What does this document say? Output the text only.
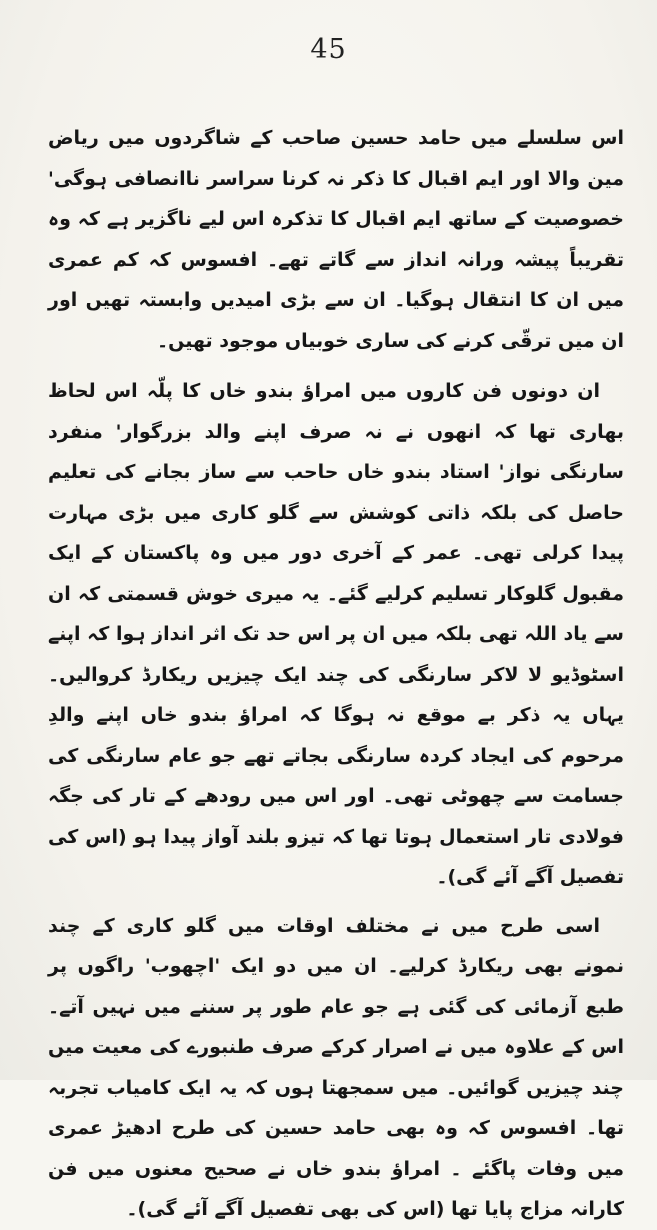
45

اس سلسلے میں حامد حسین صاحب کے شاگردوں میں ریاض مین والا اور ایم اقبال کا ذکر نہ کرنا سراسر ناانصافی ہوگی' خصوصیت کے ساتھ ایم اقبال کا تذکرہ اس لیے ناگزیر ہے کہ وہ تقریباً پیشہ ورانہ انداز سے گاتے تھے۔ افسوس کہ کم عمری میں ان کا انتقال ہوگیا۔ ان سے بڑی امیدیں وابستہ تھیں اور ان میں ترقّی کرنے کی ساری خوبیاں موجود تھیں۔

ان دونوں فن کاروں میں امراؤ بندو خاں کا پلّہ اس لحاظ بھاری تھا کہ انھوں نے نہ صرف اپنے والد بزرگوار' منفرد سارنگی نواز' استاد بندو خاں حاحب سے ساز بجانے کی تعلیم حاصل کی بلکہ ذاتی کوشش سے گلو کاری میں بڑی مہارت پیدا کرلی تھی۔ عمر کے آخری دور میں وہ پاکستان کے ایک مقبول گلوکار تسلیم کرلیے گئے۔ یہ میری خوش قسمتی کہ ان سے یاد اللہ تھی بلکہ میں ان پر اس حد تک اثر انداز ہوا کہ اپنے اسٹوڈیو لا لاکر سارنگی کی چند ایک چیزیں ریکارڈ کروالیں۔ یہاں یہ ذکر بے موقع نہ ہوگا کہ امراؤ بندو خاں اپنے والدِ مرحوم کی ایجاد کردہ سارنگی بجاتے تھے جو عام سارنگی کی جسامت سے چھوٹی تھی۔ اور اس میں رودھے کے تار کی جگہ فولادی تار استعمال ہوتا تھا کہ تیزو بلند آواز پیدا ہو (اس کی تفصیل آگے آئے گی)۔

اسی طرح میں نے مختلف اوقات میں گلو کاری کے چند نمونے بھی ریکارڈ کرلیے۔ ان میں دو ایک 'اچھوب' راگوں پر طبع آزمائی کی گئی ہے جو عام طور پر سننے میں نہیں آتے۔ اس کے علاوہ میں نے اصرار کرکے صرف طنبورے کی معیت میں چند چیزیں گوائیں۔ میں سمجھتا ہوں کہ یہ ایک کامیاب تجربہ تھا۔ افسوس کہ وہ بھی حامد حسین کی طرح ادھیڑ عمری میں وفات پاگئے ۔ امراؤ بندو خاں نے صحیح معنوں میں فن کارانہ مزاج پایا تھا (اس کی بھی تفصیل آگے آئے گی)۔
